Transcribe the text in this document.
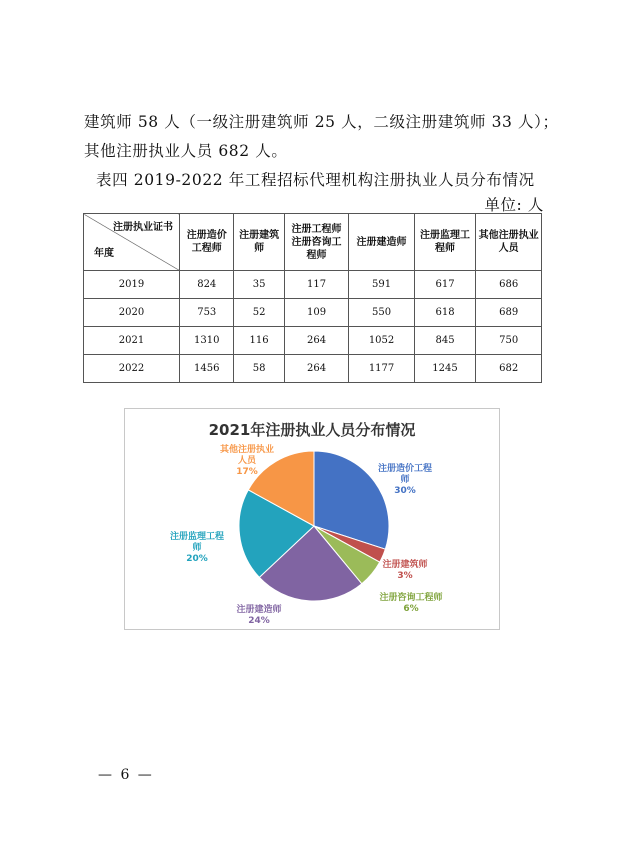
建筑师 58 人（一级注册建筑师 25 人，二级注册建筑师 33 人）；
其他注册执业人员 682 人。
表四 2019-2022 年工程招标代理机构注册执业人员分布情况
单位: 人
注册执业证书
年度	注册造价工程师	注册建筑师	注册工程师注册咨询工程师	注册建造师	注册监理工程师	其他注册执业人员
2019	824	35	117	591	617	686
2020	753	52	109	550	618	689
2021	1310	116	264	1052	845	750
2022	1456	58	264	1177	1245	682
2021年注册执业人员分布情况
注册造价工程师 30%
注册建筑师 3%
注册咨询工程师 6%
注册建造师 24%
注册监理工程师 20%
其他注册执业人员 17%
— 6 —
